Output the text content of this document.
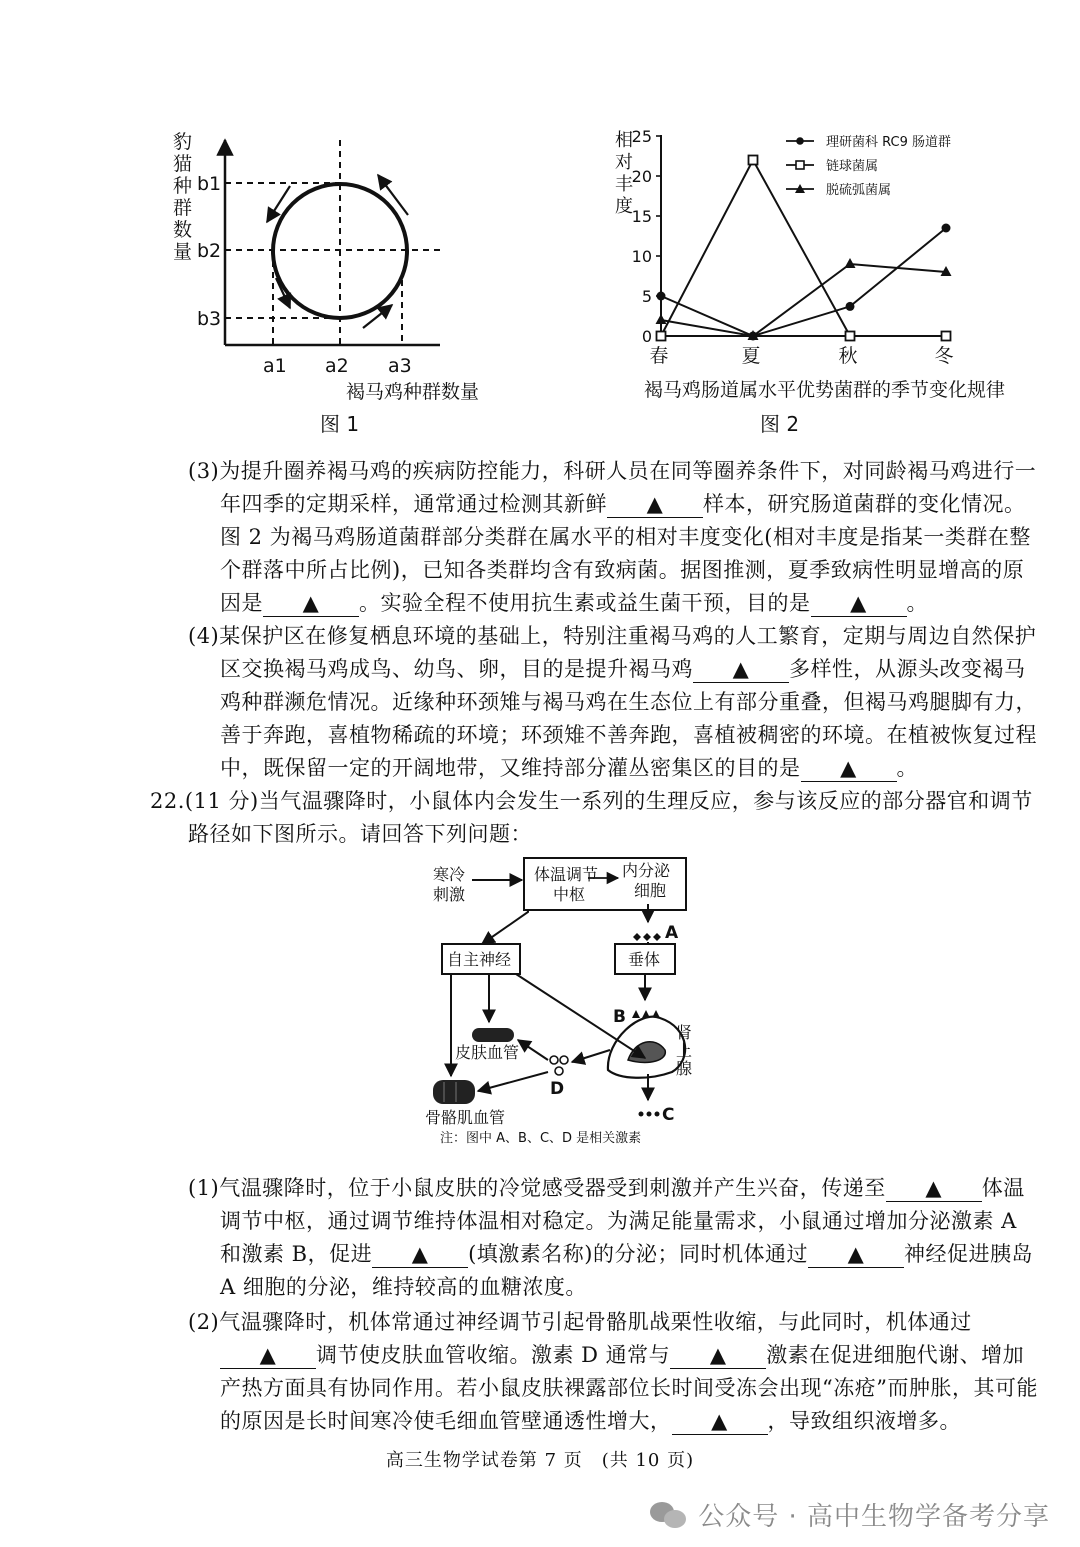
豹
猫
种
群
数
量
b1
b2
b3
a1 a2 a3
褐马鸡种群数量
图 1
相
对
丰
度
0
5
10
15
20
25
春	夏	秋	冬
理研菌科 RC9 肠道群
链球菌属
脱硫弧菌属
褐马鸡肠道属水平优势菌群的季节变化规律
图 2
(3)为提升圈养褐马鸡的疾病防控能力，科研人员在同等圈养条件下，对同龄褐马鸡进行一年四季的定期采样，通常通过检测其新鲜 ▲ 样本，研究肠道菌群的变化情况。图 2 为褐马鸡肠道菌群部分类群在属水平的相对丰度变化(相对丰度是指某一类群在整个群落中所占比例)，已知各类群均含有致病菌。据图推测，夏季致病性明显增高的原因是 ▲ 。实验全程不使用抗生素或益生菌干预，目的是 ▲ 。
(4)某保护区在修复栖息环境的基础上，特别注重褐马鸡的人工繁育，定期与周边自然保护区交换褐马鸡成鸟、幼鸟、卵，目的是提升褐马鸡 ▲ 多样性，从源头改变褐马鸡种群濒危情况。近缘种环颈雉与褐马鸡在生态位上有部分重叠，但褐马鸡腿脚有力，善于奔跑，喜植物稀疏的环境；环颈雉不善奔跑，喜植被稠密的环境。在植被恢复过程中，既保留一定的开阔地带，又维持部分灌丛密集区的目的是 ▲ 。
22.(11 分)当气温骤降时，小鼠体内会发生一系列的生理反应，参与该反应的部分器官和调节路径如下图所示。请回答下列问题：
寒冷
刺激
体温调节
中枢
内分泌
细胞
A
自主神经	垂体
B
肾
上
腺
皮肤血管
骨骼肌血管
D
C
注：图中 A、B、C、D 是相关激素
(1)气温骤降时，位于小鼠皮肤的冷觉感受器受到刺激并产生兴奋，传递至 ▲ 体温调节中枢，通过调节维持体温相对稳定。为满足能量需求，小鼠通过增加分泌激素 A 和激素 B，促进 ▲ (填激素名称)的分泌；同时机体通过 ▲ 神经促进胰岛 A 细胞的分泌，维持较高的血糖浓度。
(2)气温骤降时，机体常通过神经调节引起骨骼肌战栗性收缩，与此同时，机体通过▲ 调节使皮肤血管收缩。激素 D 通常与 ▲ 激素在促进细胞代谢、增加产热方面具有协同作用。若小鼠皮肤裸露部位长时间受冻会出现“冻疮”而肿胀，其可能的原因是长时间寒冷使毛细血管壁通透性增大， ▲ ，导致组织液增多。
高三生物学试卷第 7 页　(共 10 页)
公众号 · 高中生物学备考分享
